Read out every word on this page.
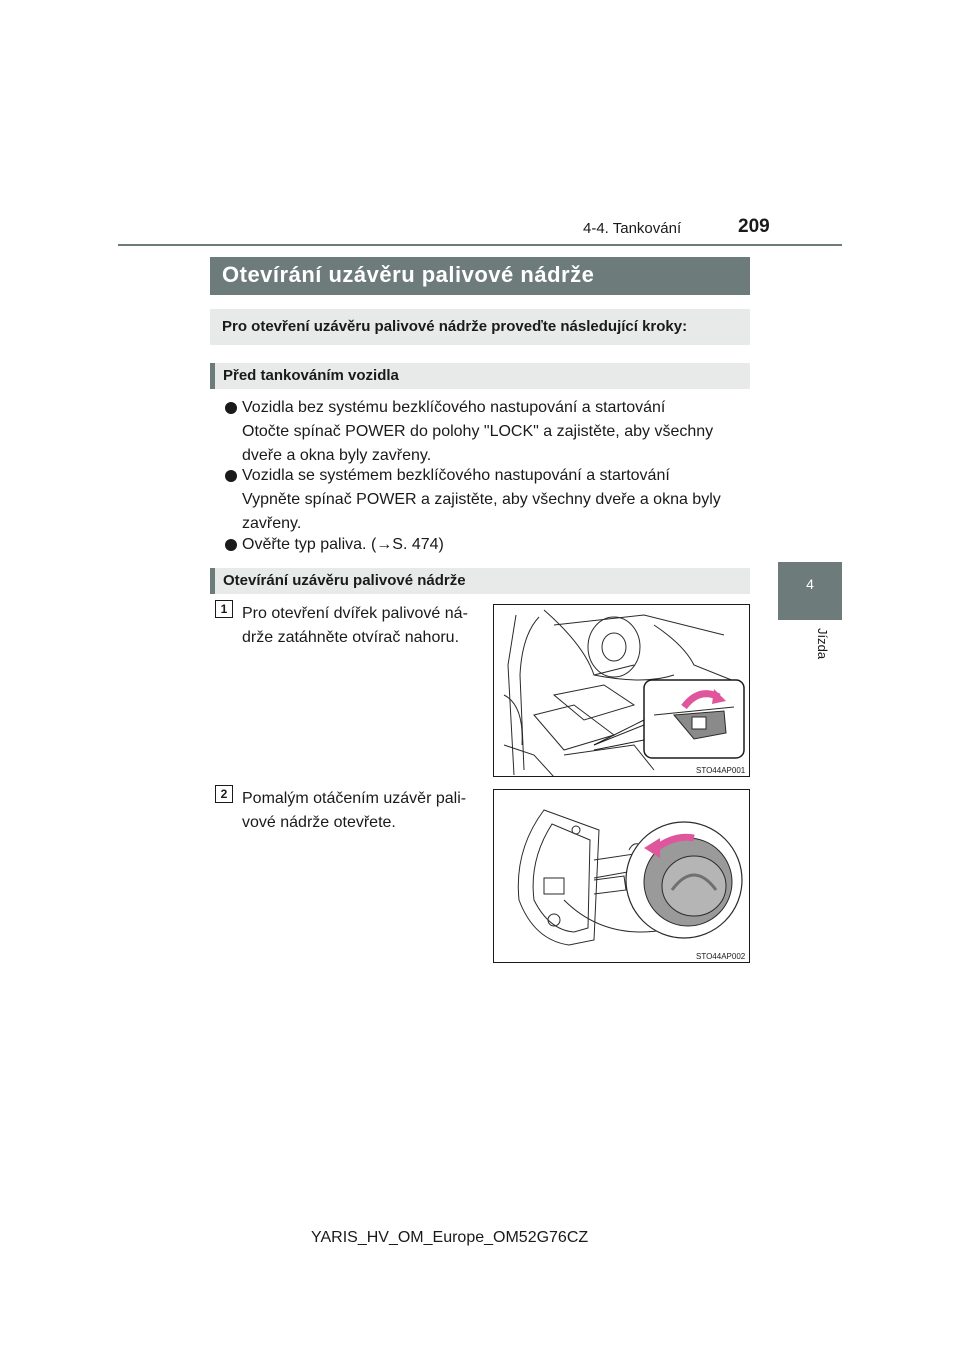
4-4. Tankování	209
4
Jízda
Otevírání uzávěru palivové nádrže
Pro otevření uzávěru palivové nádrže proveďte následující kroky:
Před tankováním vozidla
Vozidla bez systému bezklíčového nastupování a startování
Otočte spínač POWER do polohy "LOCK" a zajistěte, aby všechny
dveře a okna byly zavřeny.
Vozidla se systémem bezklíčového nastupování a startování
Vypněte spínač POWER a zajistěte, aby všechny dveře a okna byly
zavřeny.
Ověřte typ paliva. (→S. 474)
Otevírání uzávěru palivové nádrže
1 Pro otevření dvířek palivové ná-
drže zatáhněte otvírač nahoru.
STO44AP001
2 Pomalým otáčením uzávěr pali-
vové nádrže otevřete.
STO44AP002
YARIS_HV_OM_Europe_OM52G76CZ
